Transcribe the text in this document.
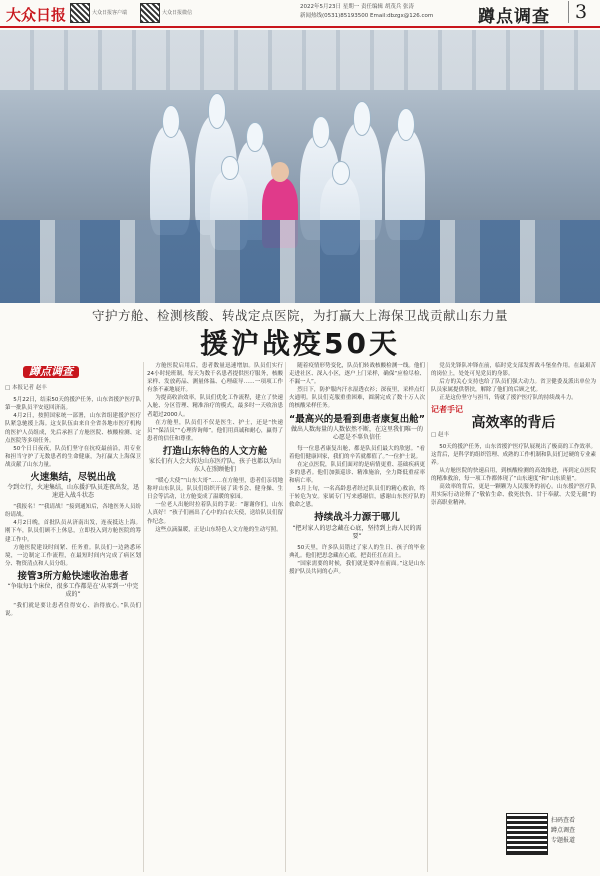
大众日报	大众日报客户端	大众日报微信
2022年5月23日 星期一 责任编辑 胡茂兵 张涛
新闻热线(0531)85193500 Email:dbzgx@126.com	蹲点调查	3
守护方舱、检测核酸、转战定点医院，为打赢大上海保卫战贡献山东力量
援沪战疫50天
蹲点调查
□ 本报记者 赵丰

5月22日，结束50天的援沪任务，山东省援沪医疗队第一批队员平安返回济南。

4月2日，按照国家统一部署，山东省组建援沪医疗队紧急驰援上海。这支队伍由来自全省各地市医疗机构的医护人员组成，先后承担了方舱医院、核酸检测、定点医院等多项任务。

50个日日夜夜，队员们坚守在抗疫最前沿，用专业和担当守护了无数患者的生命健康，为打赢大上海保卫战贡献了山东力量。

火速集结，尽锐出战
令到立行，火速集结，山东援沪队员连夜出发，迅速进入战斗状态

“我报名！”“我请战！”接到通知后，各地医务人员纷纷请战。

4月2日晚，首批队员从济南出发，连夜抵达上海。刚下车，队员们顾不上休息，立即投入到方舱医院的筹建工作中。

方舱医院建设时间紧、任务重。队员们一边熟悉环境，一边制定工作流程，在最短时间内完成了病区划分、物资清点和人员分组。

接管3所方舱快速收治患者
“争取每1个床位，很多工作都是在‘从零到一’中完成的”

“我们就是要让患者住得安心、治得放心。”队员们说。

方舱医院启用后，患者数量迅速增加。队员们实行24小时轮班制，每天为数千名患者提供医疗服务，核酸采样、发放药品、测量体温、心理疏导……一项项工作有条不紊地展开。

为提高收治效率，队员们优化工作流程，建立了快速入舱、分区管理、精准治疗的模式，最多时一天收治患者超过2000人。

在方舱里，队员们不仅是医生、护士，还是“快递员”“保洁员”“心理咨询师”。他们用真诚和耐心，赢得了患者的信任和尊重。

打造山东特色的人文方舱
家长们有人会大转达山东医疗队，孩子也都以为山东人在照顾他们

“暖心大使”“山东大哥”……在方舱里，患者们亲切地称呼山东队员。队员们组织开展了读书会、健身操、生日会等活动，让方舱变成了温暖的家园。

一位老人出舱时拉着队员的手说：“谢谢你们，山东人真好！”孩子们画出了心中的白衣天使，送给队员们留作纪念。

这些点滴温暖，正是山东特色人文方舱的生动写照。

随着疫情形势变化，队员们转战核酸检测一线。他们走进社区、深入小区，逐户上门采样，确保“应检尽检、不漏一人”。

烈日下，防护服内汗水湿透衣衫；深夜里，采样点灯火通明。队员们克服重重困难，圆满完成了数十万人次的核酸采样任务。

“最高兴的是看到患者康复出舱”
做出人数海量的人数依然不断，在这里我们唯一的心愿是不辜负信任

每一位患者康复出舱，都是队员们最大的欣慰。“看着他们健康回家，我们的辛苦就都值了。”一位护士说。

在定点医院，队员们面对的是病情更重、基础疾病更多的患者。他们加强巡诊、精准施治，全力降低重症率和病亡率。

5月上旬，一名高龄患者经过队员们的精心救治，终于转危为安。家属专门写来感谢信，感谢山东医疗队的救命之恩。

持续战斗力源于哪儿
“把对家人的思念藏在心底，坚持到上海人民的需要”

50天里，许多队员错过了家人的生日、孩子的毕业典礼。他们把思念藏在心底，把责任扛在肩上。

“国家需要的时候，我们就是要冲在前面。”这是山东援沪队员共同的心声。

党员先锋队冲锋在前，临时党支部发挥战斗堡垒作用。在最艰苦的岗位上，处处可见党员的身影。

后方的关心支持也给了队员们强大动力。省卫健委及派出单位为队员家属提供帮扶，解除了他们的后顾之忧。

正是这份坚守与担当，铸就了援沪医疗队的持续战斗力。

记者手记
高效率的背后
□ 赵丰

50天的援沪任务，山东省援沪医疗队展现出了极高的工作效率。这背后，是科学的组织管理、成熟的工作机制和队员们过硬的专业素养。

从方舱医院的快速启用，到核酸检测的高效推进，再到定点医院的精准救治，每一项工作都体现了“山东速度”和“山东质量”。

高效率的背后，更是一颗颗为人民服务的初心。山东援沪医疗队用实际行动诠释了“敬佑生命、救死扶伤、甘于奉献、大爱无疆”的崇高职业精神。

扫码查看
蹲点调查
专题报道
